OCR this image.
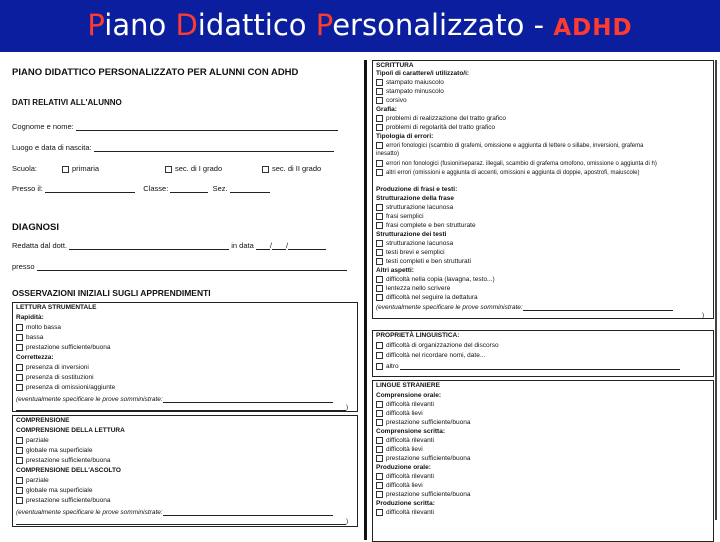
Piano Didattico Personalizzato - ADHD
PIANO DIDATTICO PERSONALIZZATO PER ALUNNI CON ADHD
DATI RELATIVI ALL'ALUNNO
Cognome e nome:
Luogo e data di nascita:
Scuola:	primaria	sec. di I grado	sec. di II grado
Presso il:	Classe:	Sez.
DIAGNOSI
Redatta dal dott.	in data / /
presso
OSSERVAZIONI INIZIALI SUGLI APPRENDIMENTI
LETTURA STRUMENTALE
Rapidità:
molto bassa
bassa
prestazione sufficiente/buona
Correttezza:
presenza di inversioni
presenza di sostituzioni
presenza di omissioni/aggiunte
(eventualmente specificare le prove somministrate:
)
COMPRENSIONE
COMPRENSIONE DELLA LETTURA
parziale
globale ma superficiale
prestazione sufficiente/buona
COMPRENSIONE DELL'ASCOLTO
parziale
globale ma superficiale
prestazione sufficiente/buona
(eventualmente specificare le prove somministrate:
)
SCRITTURA
Tipo/i di carattere/i utilizzato/i:
stampato maiuscolo
stampato minuscolo
corsivo
Grafia:
problemi di realizzazione del tratto grafico
problemi di regolarità del tratto grafico
Tipologia di errori:
errori fonologici (scambio di grafemi, omissione e aggiunta di lettere o sillabe, inversioni, grafema
inesatto)
errori non fonologici (fusioni/separaz. illegali, scambio di grafema omofono, omissione o aggiunta di h)
altri errori (omissioni e aggiunta di accenti, omissioni e aggiunta di doppie, apostrofi, maiuscole)
Produzione di frasi e testi:
Strutturazione della frase
strutturazione lacunosa
frasi semplici
frasi complete e ben strutturate
Strutturazione dei testi
strutturazione lacunosa
testi brevi e semplici
testi completi e ben strutturati
Altri aspetti:
difficoltà nella copia (lavagna, testo...)
lentezza nello scrivere
difficoltà nel seguire la dettatura
(eventualmente specificare le prove somministrate:
)
PROPRIETÀ LINGUISTICA:
difficoltà di organizzazione del discorso
difficoltà nel ricordare nomi, date...
altro
LINGUE STRANIERE
Comprensione orale:
difficoltà rilevanti
difficoltà lievi
prestazione sufficiente/buona
Comprensione scritta:
difficoltà rilevanti
difficoltà lievi
prestazione sufficiente/buona
Produzione orale:
difficoltà rilevanti
difficoltà lievi
prestazione sufficiente/buona
Produzione scritta:
difficoltà rilevanti
